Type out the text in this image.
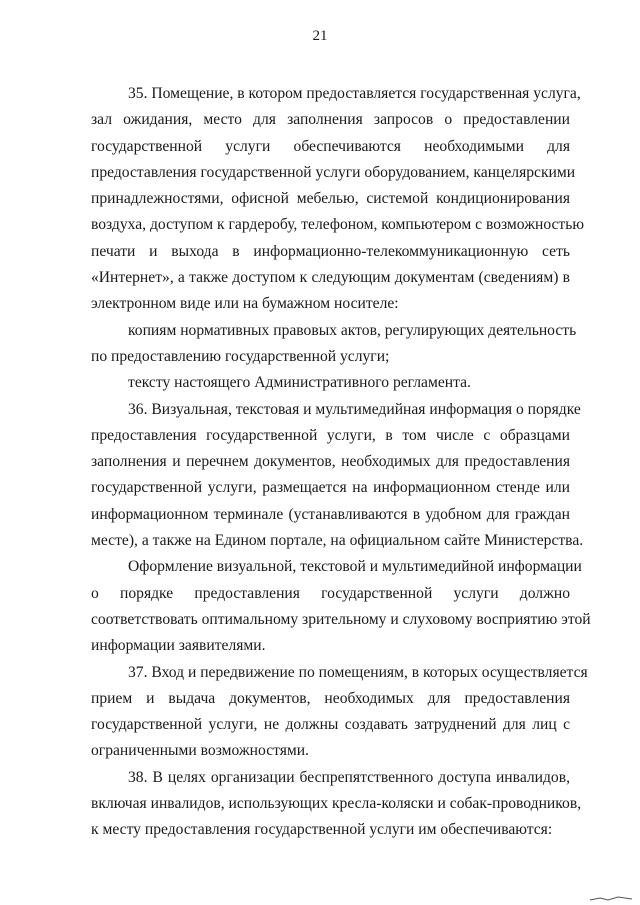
21

35. Помещение, в котором предоставляется государственная услуга,

зал ожидания, место для заполнения запросов о предоставлении

государственной услуги обеспечиваются необходимыми для

предоставления государственной услуги оборудованием, канцелярскими

принадлежностями, офисной мебелью, системой кондиционирования

воздуха, доступом к гардеробу, телефоном, компьютером с возможностью

печати и выхода в информационно-телекоммуникационную сеть

«Интернет», а также доступом к следующим документам (сведениям) в

электронном виде или на бумажном носителе:

копиям нормативных правовых актов, регулирующих деятельность

по предоставлению государственной услуги;

тексту настоящего Административного регламента.

36. Визуальная, текстовая и мультимедийная информация о порядке

предоставления государственной услуги, в том числе с образцами

заполнения и перечнем документов, необходимых для предоставления

государственной услуги, размещается на информационном стенде или

информационном терминале (устанавливаются в удобном для граждан

месте), а также на Едином портале, на официальном сайте Министерства.

Оформление визуальной, текстовой и мультимедийной информации

о порядке предоставления государственной услуги должно

соответствовать оптимальному зрительному и слуховому восприятию этой

информации заявителями.

37. Вход и передвижение по помещениям, в которых осуществляется

прием и выдача документов, необходимых для предоставления

государственной услуги, не должны создавать затруднений для лиц с

ограниченными возможностями.

38. В целях организации беспрепятственного доступа инвалидов,

включая инвалидов, использующих кресла-коляски и собак-проводников,

к месту предоставления государственной услуги им обеспечиваются:
